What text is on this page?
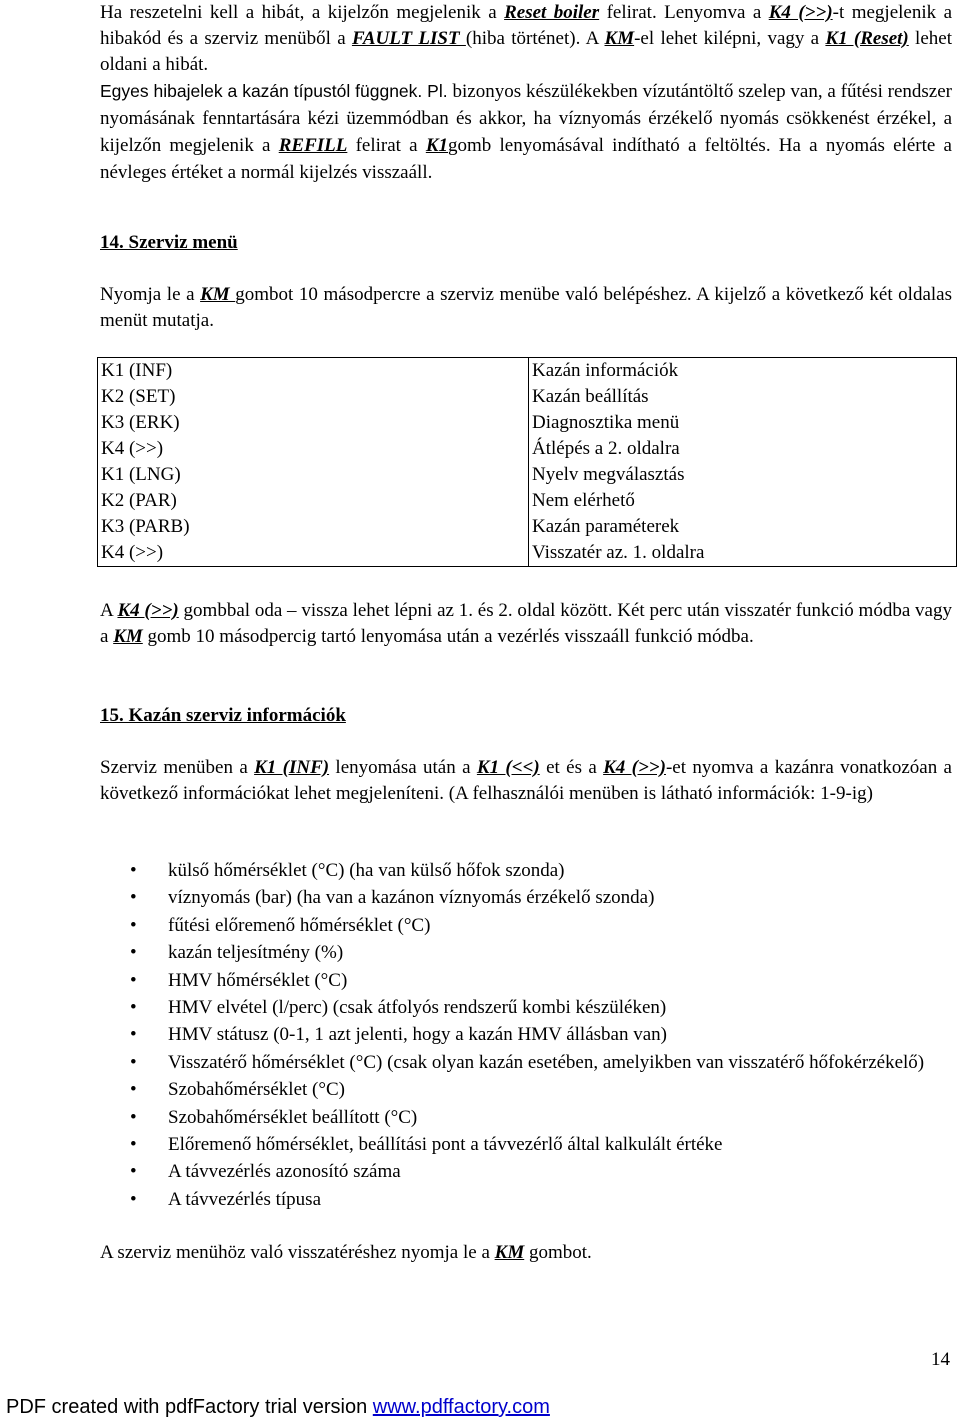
Ha reszetelni kell a hibát, a kijelzőn megjelenik a Reset boiler felirat. Lenyomva a K4 (>>)-t megjelenik a hibakód és a szerviz menüből a FAULT LIST (hiba történet). A KM-el lehet kilépni, vagy a K1 (Reset) lehet oldani a hibát.

Egyes hibajelek a kazán típustól függnek. Pl. bizonyos készülékekben vízutántöltő szelep van, a fűtési rendszer nyomásának fenntartására kézi üzemmódban és akkor, ha víznyomás érzékelő nyomás csökkenést érzékel, a kijelzőn megjelenik a REFILL felirat a K1gomb lenyomásával indítható a feltöltés. Ha a nyomás elérte a névleges értéket a normál kijelzés visszaáll.

14. Szerviz menü

Nyomja le a KM gombot 10 másodpercre a szerviz menübe való belépéshez. A kijelző a következő két oldalas menüt mutatja.

K1 (INF)	Kazán információk
K2 (SET)	Kazán beállítás
K3 (ERK)	Diagnosztika menü
K4 (>>)	Átlépés a 2. oldalra
K1 (LNG)	Nyelv megválasztás
K2 (PAR)	Nem elérhető
K3 (PARB)	Kazán paraméterek
K4 (>>)	Visszatér az. 1. oldalra

A K4 (>>) gombbal oda – vissza lehet lépni az 1. és 2. oldal között. Két perc után visszatér funkció módba vagy a KM gomb 10 másodpercig tartó lenyomása után a vezérlés visszaáll funkció módba.

15. Kazán szerviz információk

Szerviz menüben a K1 (INF) lenyomása után a K1 (<<) et és a K4 (>>)-et nyomva a kazánra vonatkozóan a következő információkat lehet megjeleníteni. (A felhasználói menüben is látható információk: 1-9-ig)

• külső hőmérséklet (°C) (ha van külső hőfok szonda)
• víznyomás (bar) (ha van a kazánon víznyomás érzékelő szonda)
• fűtési előremenő hőmérséklet (°C)
• kazán teljesítmény (%)
• HMV hőmérséklet (°C)
• HMV elvétel (l/perc) (csak átfolyós rendszerű kombi készüléken)
• HMV státusz (0-1, 1 azt jelenti, hogy a kazán HMV állásban van)
• Visszatérő hőmérséklet (°C) (csak olyan kazán esetében, amelyikben van visszatérő hőfokérzékelő)
• Szobahőmérséklet (°C)
• Szobahőmérséklet beállított (°C)
• Előremenő hőmérséklet, beállítási pont a távvezérlő által kalkulált értéke
• A távvezérlés azonosító száma
• A távvezérlés típusa

A szerviz menühöz való visszatéréshez nyomja le a KM gombot.

14
PDF created with pdfFactory trial version www.pdffactory.com
